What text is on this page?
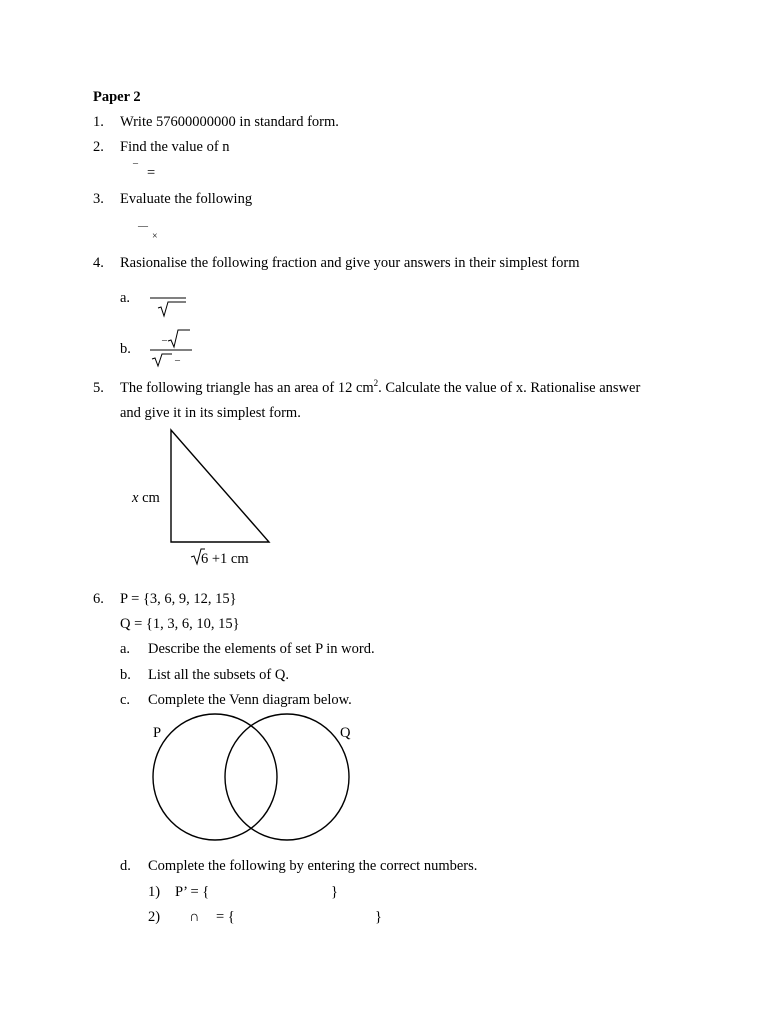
Paper 2
1. Write 57600000000 in standard form.
2. Find the value of n
¯ =
3. Evaluate the following
––
×
4. Rasionalise the following fraction and give your answers in their simplest form
a.
b.
–
–
5. The following triangle has an area of 12 $cm^2$. Calculate the value of x. Rationalise answer
and give it in its simplest form.
x cm
6 +1 cm
6. P = {3, 6, 9, 12, 15}
Q = {1, 3, 6, 10, 15}
a. Describe the elements of set P in word.
b. List all the subsets of Q.
c. Complete the Venn diagram below.
P	Q
d. Complete the following by entering the correct numbers.
1) P’ = {	}
2) ∩ = {	}
